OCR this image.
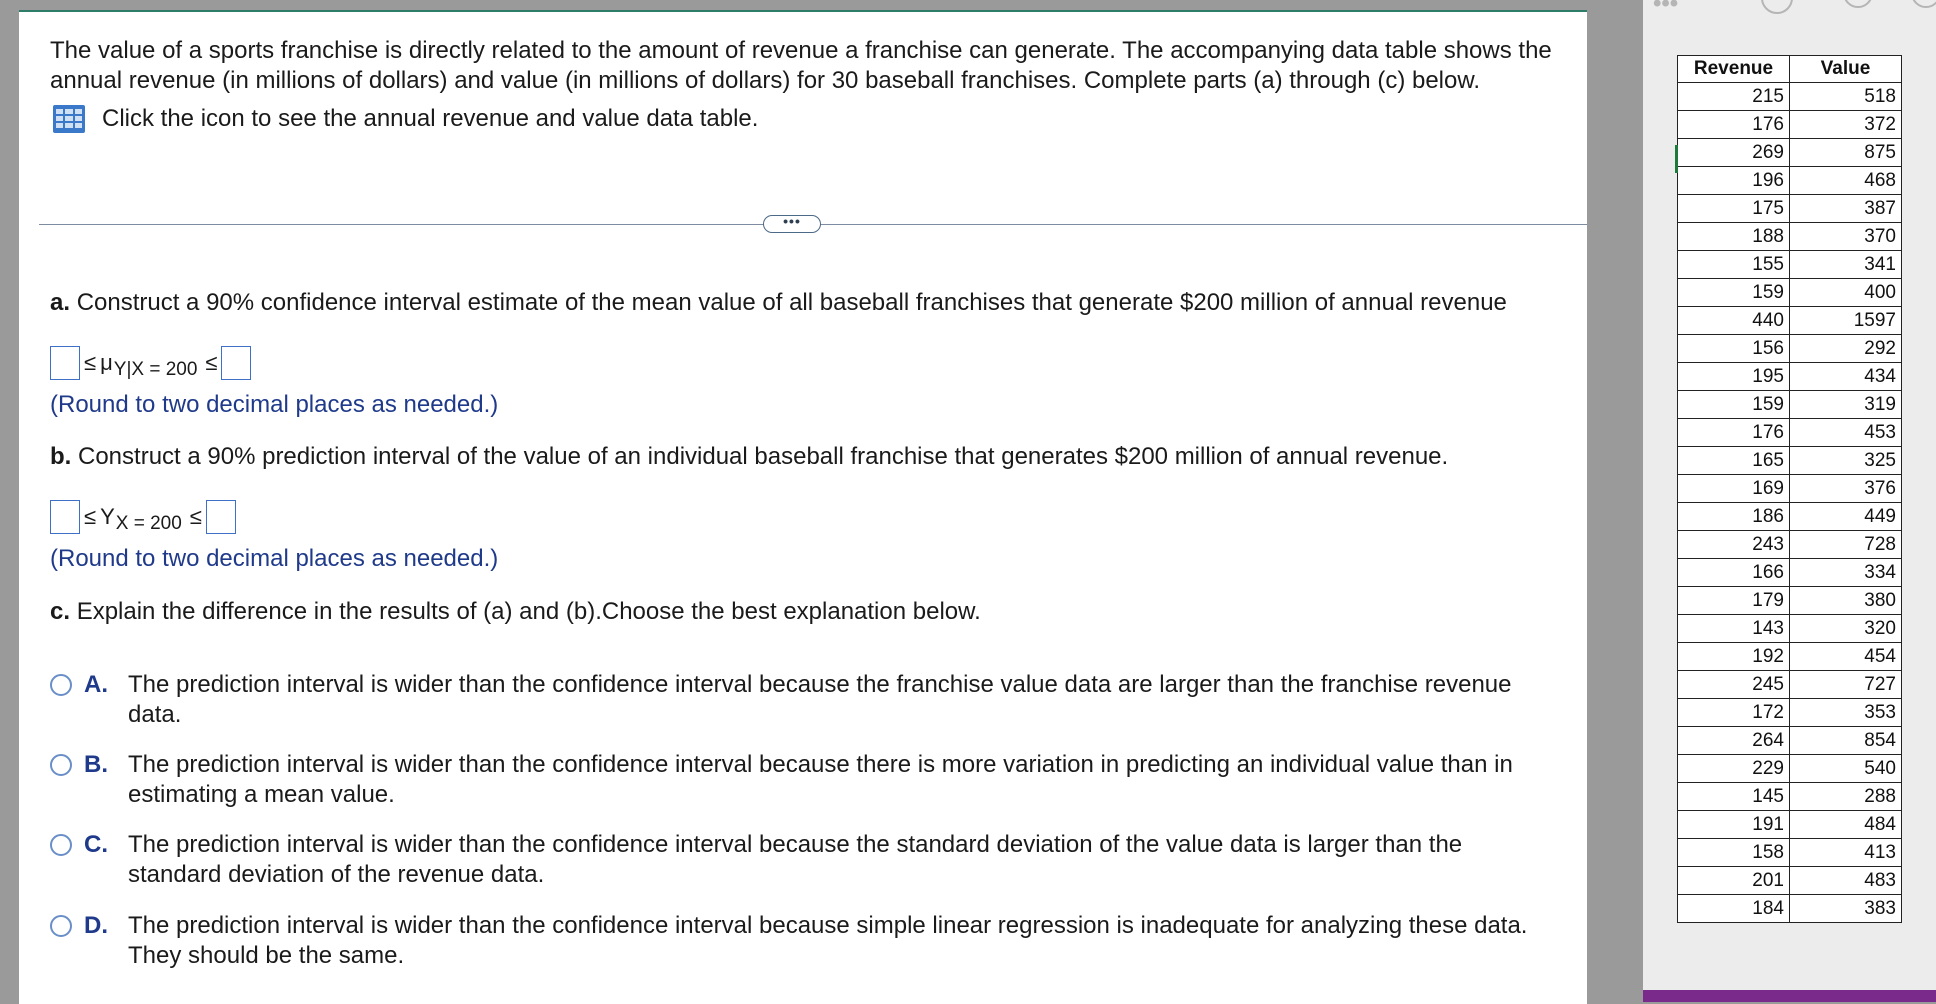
The value of a sports franchise is directly related to the amount of revenue a franchise can generate. The accompanying data table shows the annual revenue (in millions of dollars) and value (in millions of dollars) for 30 baseball franchises. Complete parts (a) through (c) below.
Click the icon to see the annual revenue and value data table.
•••
a. Construct a 90% confidence interval estimate of the mean value of all baseball franchises that generate $200 million of annual revenue
≤ μ Y|X = 200 ≤
(Round to two decimal places as needed.)
b. Construct a 90% prediction interval of the value of an individual baseball franchise that generates $200 million of annual revenue.
≤ Y X = 200 ≤
(Round to two decimal places as needed.)
c. Explain the difference in the results of (a) and (b).Choose the best explanation below.
A. The prediction interval is wider than the confidence interval because the franchise value data are larger than the franchise revenue data.
B. The prediction interval is wider than the confidence interval because there is more variation in predicting an individual value than in estimating a mean value.
C. The prediction interval is wider than the confidence interval because the standard deviation of the value data is larger than the standard deviation of the revenue data.
D. The prediction interval is wider than the confidence interval because simple linear regression is inadequate for analyzing these data. They should be the same.
•••
Revenue	Value
215	518
176	372
269	875
196	468
175	387
188	370
155	341
159	400
440	1597
156	292
195	434
159	319
176	453
165	325
169	376
186	449
243	728
166	334
179	380
143	320
192	454
245	727
172	353
264	854
229	540
145	288
191	484
158	413
201	483
184	383
